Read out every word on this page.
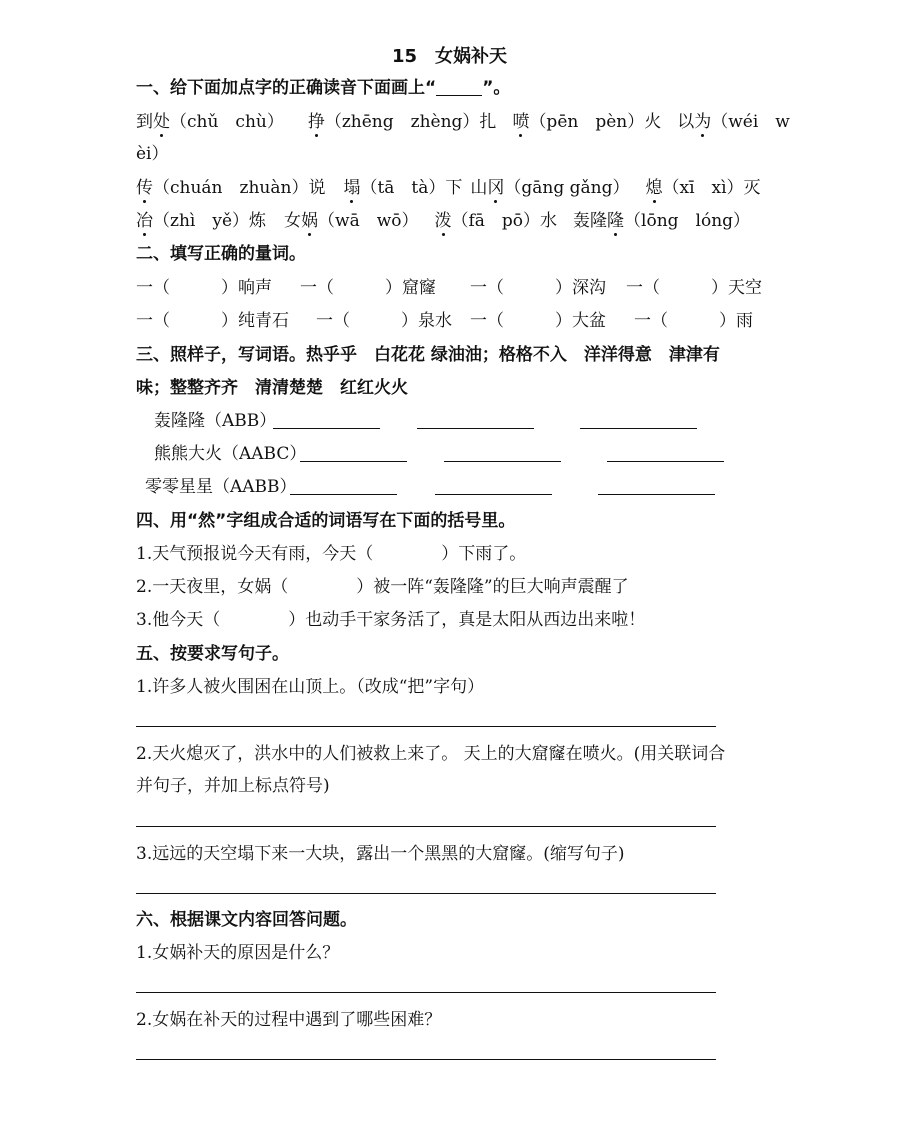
15　女娲补天
一、给下面加点字的正确读音下面画上“	”。
到处（chǔ　chù） 挣（zhēng　zhèng）扎 喷（pēn　pèn）火 以为（wéi　w
èi）
传（chuán　zhuàn）说 塌（tā　tà）下 山冈（gāng gǎng） 熄（xī　xì）灭
冶（zhì　yě）炼 女娲（wā　wō） 泼（fā　pō）水 轰隆隆（lōng　lóng）
二、填写正确的量词。
一（　　　）响声 一（　　　）窟窿 一（　　　）深沟 一（　　　）天空
一（　　　）纯青石 一（　　　）泉水 一（　　　）大盆 一（　　　）雨
三、照样子，写词语。热乎乎　白花花 绿油油；格格不入　洋洋得意　津津有
味；整整齐齐　清清楚楚　红红火火
轰隆隆（ABB）
熊熊大火（AABC）
零零星星（AABB）
四、用“然”字组成合适的词语写在下面的括号里。
1.天气预报说今天有雨，今天（　　　　）下雨了。
2.一天夜里，女娲（　　　　）被一阵“轰隆隆”的巨大响声震醒了
3.他今天（　　　　）也动手干家务活了，真是太阳从西边出来啦！
五、按要求写句子。
1.许多人被火围困在山顶上。（改成“把”字句）
2.天火熄灭了，洪水中的人们被救上来了。 天上的大窟窿在喷火。(用关联词合
并句子，并加上标点符号)
3.远远的天空塌下来一大块，露出一个黑黑的大窟窿。(缩写句子)
六、根据课文内容回答问题。
1.女娲补天的原因是什么？
2.女娲在补天的过程中遇到了哪些困难？
